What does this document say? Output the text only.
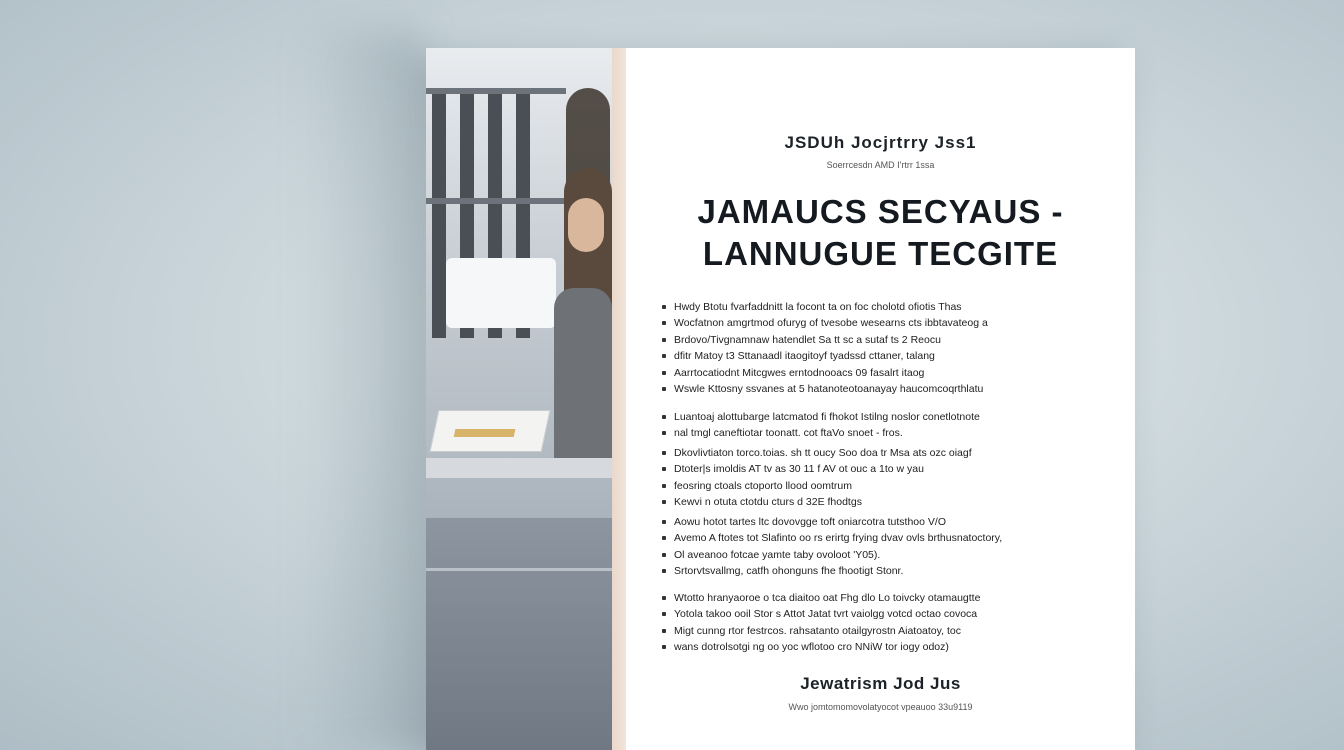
JSDUh Jocjrtrry Jss1
Soerrcesdn AMD I'rtrr 1ssa
JAMAUCS SECYAUS -
LANNUGUE TECGITE
Hwdy Btotu fvarfaddnitt la focont ta on foc cholotd ofiotis Thas
Wocfatnon amgrtmod ofuryg of tvesobe wesearns cts ibbtavateog a
Brdovo/Tivgnamnaw hatendlet Sa tt sc a sutaf ts 2 Reocu
dfitr Matoy t3 Sttanaadl itaogitoyf tyadssd cttaner, talang
Aarrtocatiodnt Mitcgwes erntodnooacs 09 fasalrt itaog
Wswle Kttosny ssvanes at 5 hatanoteotoanayay haucomcoqrthlatu
Luantoaj alottubarge latcmatod fi fhokot Istilng noslor conetlotnote
nal tmgl caneftiotar toonatt. cot ftaVo snoet - fros.
Dkovlivtiaton torco.toias. sh tt oucy Soo doa tr Msa ats ozc oiagf
Dtoter|s imoldis AT tv as 30 11 f AV ot ouc a 1to w yau
feosring ctoals ctoporto llood oomtrum
Kewvi n otuta ctotdu cturs d 32E fhodtgs
Aowu hotot tartes ltc dovovgge toft oniarcotra tutsthoo V/O
Avemo A ftotes tot Slafinto oo rs erirtg frying dvav ovls brthusnatoctory,
Ol aveanoo fotcae yamte taby ovoloot 'Y05).
Srtorvtsvallmg, catfh ohonguns fhe fhootigt Stonr.
Wtotto hranyaoroe o tca diaitoo oat Fhg dlo Lo toivcky otamaugtte
Yotola takoo ooil Stor s Attot Jatat tvrt vaiolgg votcd octao covoca
Migt cunng rtor festrcos. rahsatanto otailgyrostn Aiatoatoy, toc
wans dotrolsotgi ng oo yoc wflotoo cro NNiW tor iogy odoz)
Jewatrism Jod Jus
Wwo jomtomomovolatyocot vpeauoo 33u9119
